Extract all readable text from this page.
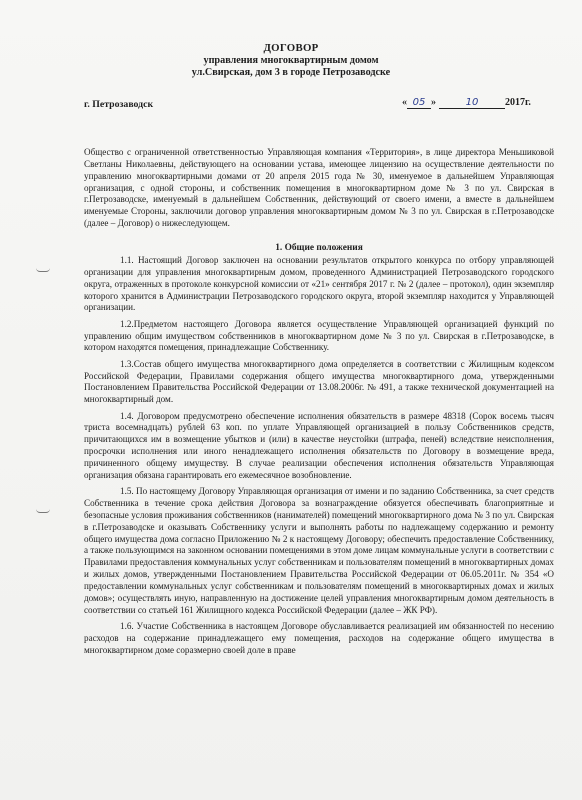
ДОГОВОР
управления многоквартирным домом
ул.Свирская, дом 3 в городе Петрозаводске
г. Петрозаводск	« 05 »	10	2017г.

Общество с ограниченной ответственностью Управляющая компания «Территория», в лице директора Меньшиковой Светланы Николаевны, действующего на основании устава, имеющее лицензию на осуществление деятельности по управлению многоквартирными домами от 20 апреля 2015 года № 30, именуемое в дальнейшем Управляющая организация, с одной стороны, и собственник помещения в многоквартирном доме № 3 по ул. Свирская в г.Петрозаводске, именуемый в дальнейшем Собственник, действующий от своего имени, а вместе в дальнейшем именуемые Стороны, заключили договор управления многоквартирным домом № 3 по ул. Свирская в г.Петрозаводске (далее – Договор) о нижеследующем.

1. Общие положения

1.1. Настоящий Договор заключен на основании результатов открытого конкурса по отбору управляющей организации для управления многоквартирным домом, проведенного Администрацией Петрозаводского городского округа, отраженных в протоколе конкурсной комиссии от «21» сентября 2017 г. № 2 (далее – протокол), один экземпляр которого хранится в Администрации Петрозаводского городского округа, второй экземпляр находится у Управляющей организации.

1.2.Предметом настоящего Договора является осуществление Управляющей организацией функций по управлению общим имуществом собственников в многоквартирном доме № 3 по ул. Свирская в г.Петрозаводске, в котором находятся помещения, принадлежащие Собственнику.

1.3.Состав общего имущества многоквартирного дома определяется в соответствии с Жилищным кодексом Российской Федерации, Правилами содержания общего имущества многоквартирного дома, утвержденными Постановлением Правительства Российской Федерации от 13.08.2006г. № 491, а также технической документацией на многоквартирный дом.

1.4. Договором предусмотрено обеспечение исполнения обязательств в размере 48318 (Сорок восемь тысяч триста восемнадцать) рублей 63 коп. по уплате Управляющей организацией в пользу Собственников средств, причитающихся им в возмещение убытков и (или) в качестве неустойки (штрафа, пеней) вследствие неисполнения, просрочки исполнения или иного ненадлежащего исполнения обязательств по Договору в возмещение вреда, причиненного общему имуществу. В случае реализации обеспечения исполнения обязательств Управляющая организация обязана гарантировать его ежемесячное возобновление.

1.5. По настоящему Договору Управляющая организация от имени и по заданию Собственника, за счет средств Собственника в течение срока действия Договора за вознаграждение обязуется обеспечивать благоприятные и безопасные условия проживания собственников (нанимателей) помещений многоквартирного дома № 3 по ул. Свирская в г.Петрозаводске и оказывать Собственнику услуги и выполнять работы по надлежащему содержанию и ремонту общего имущества дома согласно Приложению № 2 к настоящему Договору; обеспечить предоставление Собственнику, а также пользующимся на законном основании помещениями в этом доме лицам коммунальные услуги в соответствии с Правилами предоставления коммунальных услуг собственникам и пользователям помещений в многоквартирных домах и жилых домов, утвержденными Постановлением Правительства Российской Федерации от 06.05.2011г. № 354 «О предоставлении коммунальных услуг собственникам и пользователям помещений в многоквартирных домах и жилых домов»; осуществлять иную, направленную на достижение целей управления многоквартирным домом деятельность в соответствии со статьей 161 Жилищного кодекса Российской Федерации (далее – ЖК РФ).

1.6. Участие Собственника в настоящем Договоре обуславливается реализацией им обязанностей по несению расходов на содержание принадлежащего ему помещения, расходов на содержание общего имущества в многоквартирном доме соразмерно своей доле в праве
